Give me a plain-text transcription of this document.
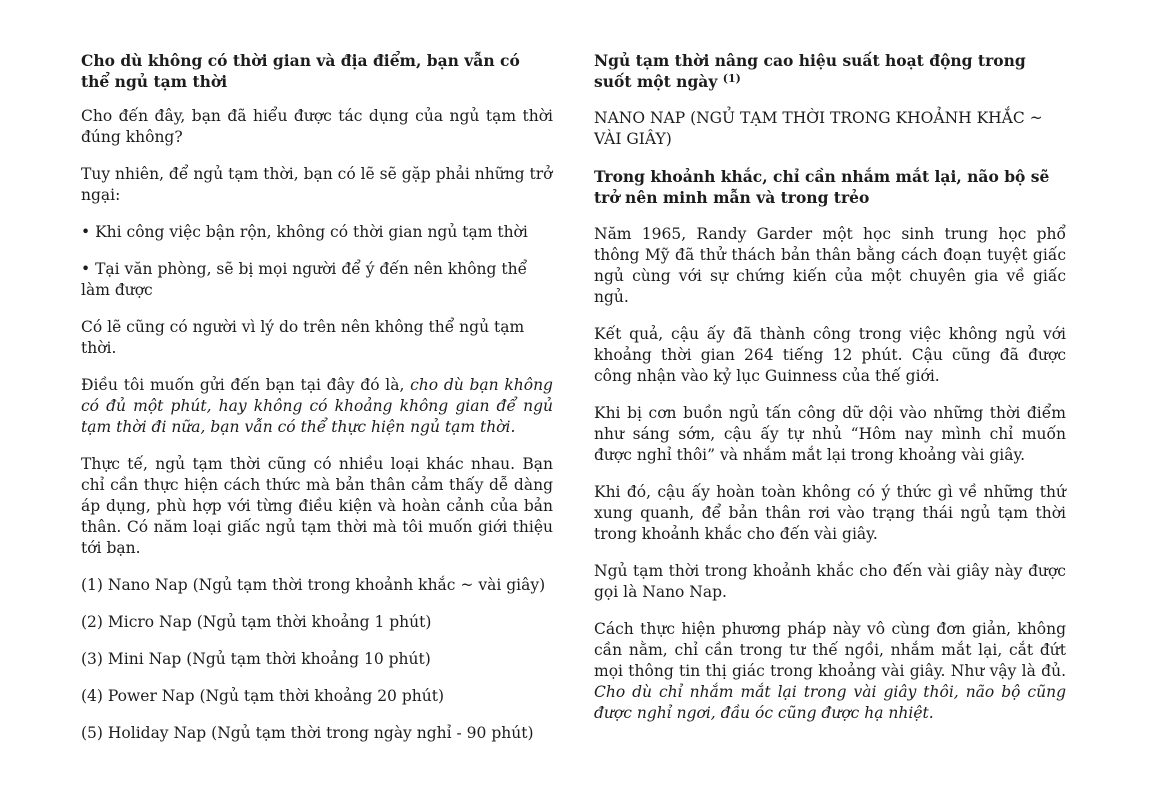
Cho dù không có thời gian và địa điểm, bạn vẫn có thể ngủ tạm thời

Cho đến đây, bạn đã hiểu được tác dụng của ngủ tạm thời đúng không?

Tuy nhiên, để ngủ tạm thời, bạn có lẽ sẽ gặp phải những trở ngại:

• Khi công việc bận rộn, không có thời gian ngủ tạm thời

• Tại văn phòng, sẽ bị mọi người để ý đến nên không thể làm được

Có lẽ cũng có người vì lý do trên nên không thể ngủ tạm thời.

Điều tôi muốn gửi đến bạn tại đây đó là, cho dù bạn không có đủ một phút, hay không có khoảng không gian để ngủ tạm thời đi nữa, bạn vẫn có thể thực hiện ngủ tạm thời.

Thực tế, ngủ tạm thời cũng có nhiều loại khác nhau. Bạn chỉ cần thực hiện cách thức mà bản thân cảm thấy dễ dàng áp dụng, phù hợp với từng điều kiện và hoàn cảnh của bản thân. Có năm loại giấc ngủ tạm thời mà tôi muốn giới thiệu tới bạn.

(1) Nano Nap (Ngủ tạm thời trong khoảnh khắc ~ vài giây)

(2) Micro Nap (Ngủ tạm thời khoảng 1 phút)

(3) Mini Nap (Ngủ tạm thời khoảng 10 phút)

(4) Power Nap (Ngủ tạm thời khoảng 20 phút)

(5) Holiday Nap (Ngủ tạm thời trong ngày nghỉ - 90 phút)

Ngủ tạm thời nâng cao hiệu suất hoạt động trong suốt một ngày $^{(1)}$

NANO NAP (NGỦ TẠM THỜI TRONG KHOẢNH KHẮC ~ VÀI GIÂY)

Trong khoảnh khắc, chỉ cần nhắm mắt lại, não bộ sẽ trở nên minh mẫn và trong trẻo

Năm 1965, Randy Garder một học sinh trung học phổ thông Mỹ đã thử thách bản thân bằng cách đoạn tuyệt giấc ngủ cùng với sự chứng kiến của một chuyên gia về giấc ngủ.

Kết quả, cậu ấy đã thành công trong việc không ngủ với khoảng thời gian 264 tiếng 12 phút. Cậu cũng đã được công nhận vào kỷ lục Guinness của thế giới.

Khi bị cơn buồn ngủ tấn công dữ dội vào những thời điểm như sáng sớm, cậu ấy tự nhủ “Hôm nay mình chỉ muốn được nghỉ thôi” và nhắm mắt lại trong khoảng vài giây.

Khi đó, cậu ấy hoàn toàn không có ý thức gì về những thứ xung quanh, để bản thân rơi vào trạng thái ngủ tạm thời trong khoảnh khắc cho đến vài giây.

Ngủ tạm thời trong khoảnh khắc cho đến vài giây này được gọi là Nano Nap.

Cách thực hiện phương pháp này vô cùng đơn giản, không cần nằm, chỉ cần trong tư thế ngồi, nhắm mắt lại, cắt đứt mọi thông tin thị giác trong khoảng vài giây. Như vậy là đủ. Cho dù chỉ nhắm mắt lại trong vài giây thôi, não bộ cũng được nghỉ ngơi, đầu óc cũng được hạ nhiệt.
